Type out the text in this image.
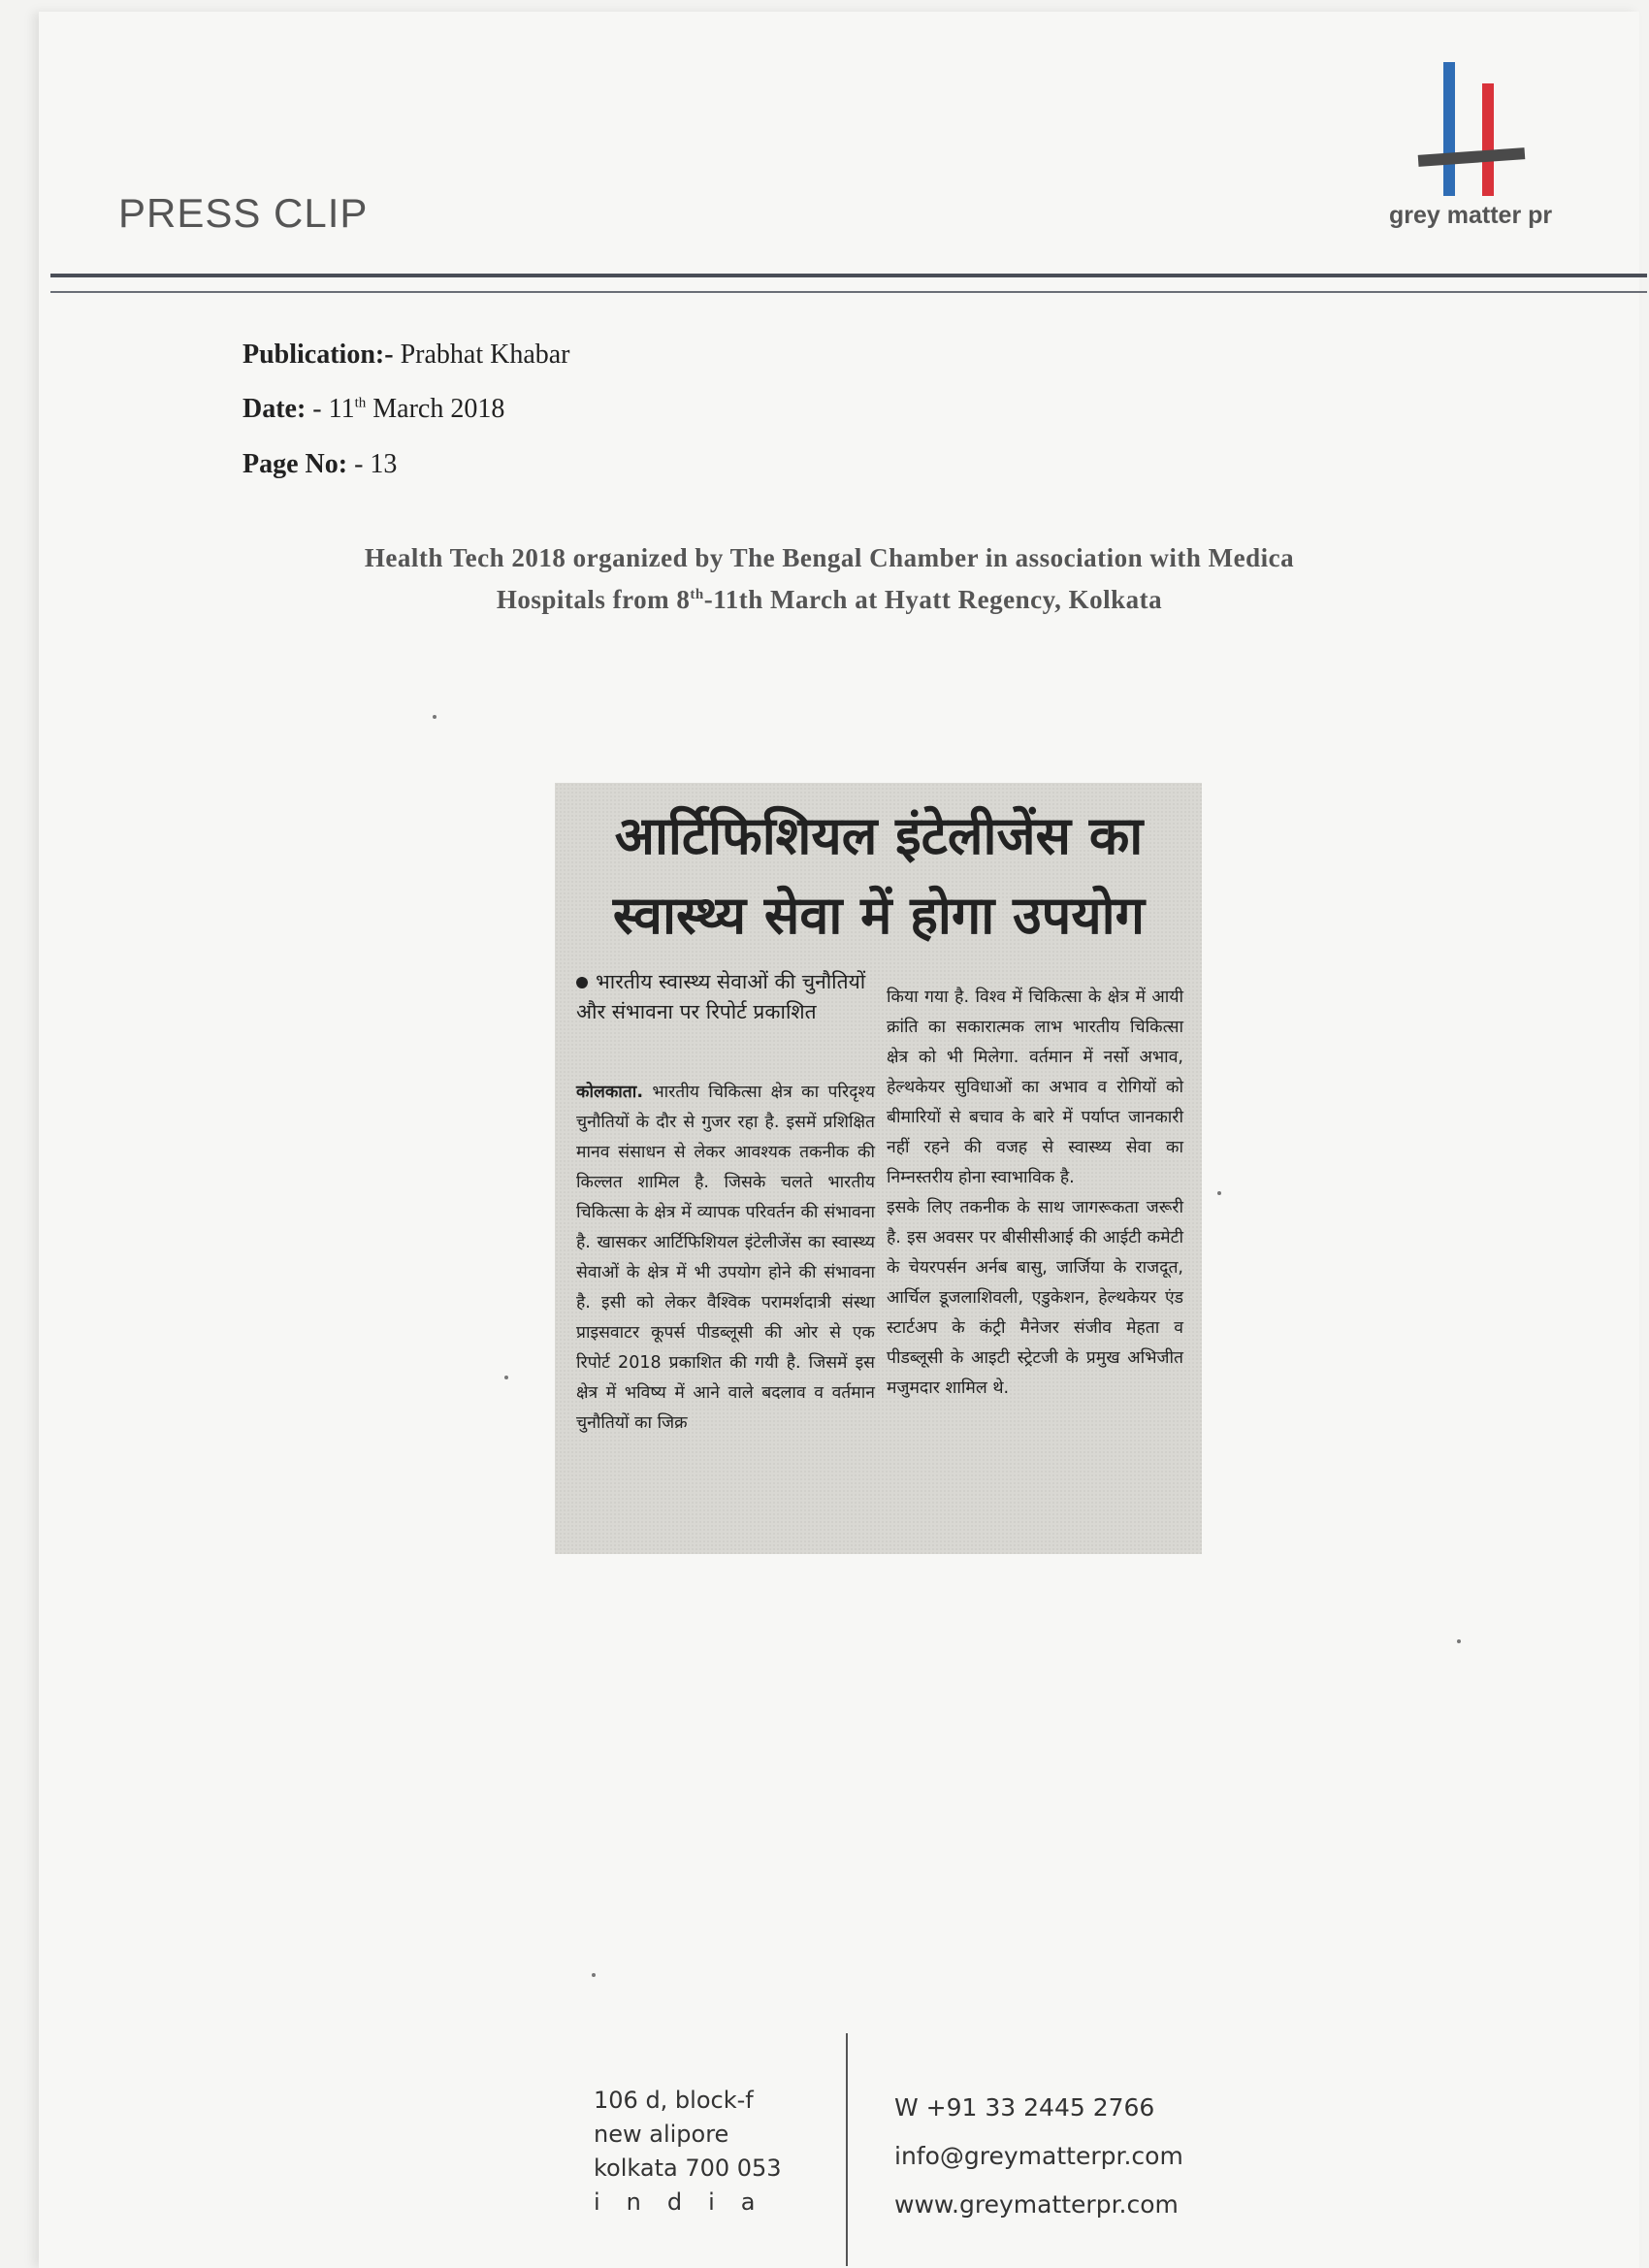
PRESS CLIP	grey matter pr
Publication:- Prabhat Khabar
Date: - 11th March 2018
Page No: - 13
Health Tech 2018 organized by The Bengal Chamber in association with Medica
Hospitals from 8th-11th March at Hyatt Regency, Kolkata
आर्टिफिशियल इंटेलीजेंस का
स्वास्थ्य सेवा में होगा उपयोग
भारतीय स्वास्थ्य सेवाओं की चुनौतियों और संभावना पर रिपोर्ट प्रकाशित
कोलकाता. भारतीय चिकित्सा क्षेत्र का परिदृश्य चुनौतियों के दौर से गुजर रहा है. इसमें प्रशिक्षित मानव संसाधन से लेकर आवश्यक तकनीक की किल्लत शामिल है. जिसके चलते भारतीय चिकित्सा के क्षेत्र में व्यापक परिवर्तन की संभावना है. खासकर आर्टिफिशियल इंटेलीजेंस का स्वास्थ्य सेवाओं के क्षेत्र में भी उपयोग होने की संभावना है. इसी को लेकर वैश्विक परामर्शदात्री संस्था प्राइसवाटर कूपर्स पीडब्लूसी की ओर से एक रिपोर्ट 2018 प्रकाशित की गयी है. जिसमें इस क्षेत्र में भविष्य में आने वाले बदलाव व वर्तमान चुनौतियों का जिक्र
किया गया है. विश्व में चिकित्सा के क्षेत्र में आयी क्रांति का सकारात्मक लाभ भारतीय चिकित्सा क्षेत्र को भी मिलेगा. वर्तमान में नर्सो अभाव, हेल्थकेयर सुविधाओं का अभाव व रोगियों को बीमारियों से बचाव के बारे में पर्याप्त जानकारी नहीं रहने की वजह से स्वास्थ्य सेवा का निम्नस्तरीय होना स्वाभाविक है.
इसके लिए तकनीक के साथ जागरूकता जरूरी है. इस अवसर पर बीसीसीआई की आईटी कमेटी के चेयरपर्सन अर्नब बासु, जार्जिया के राजदूत, आर्चिल डूजलाशिवली, एडुकेशन, हेल्थकेयर एंड स्टार्टअप के कंट्री मैनेजर संजीव मेहता व पीडब्लूसी के आइटी स्ट्रेटजी के प्रमुख अभिजीत मजुमदार शामिल थे.
106 d, block-f
new alipore
kolkata 700 053
india
W +91 33 2445 2766
info@greymatterpr.com
www.greymatterpr.com
